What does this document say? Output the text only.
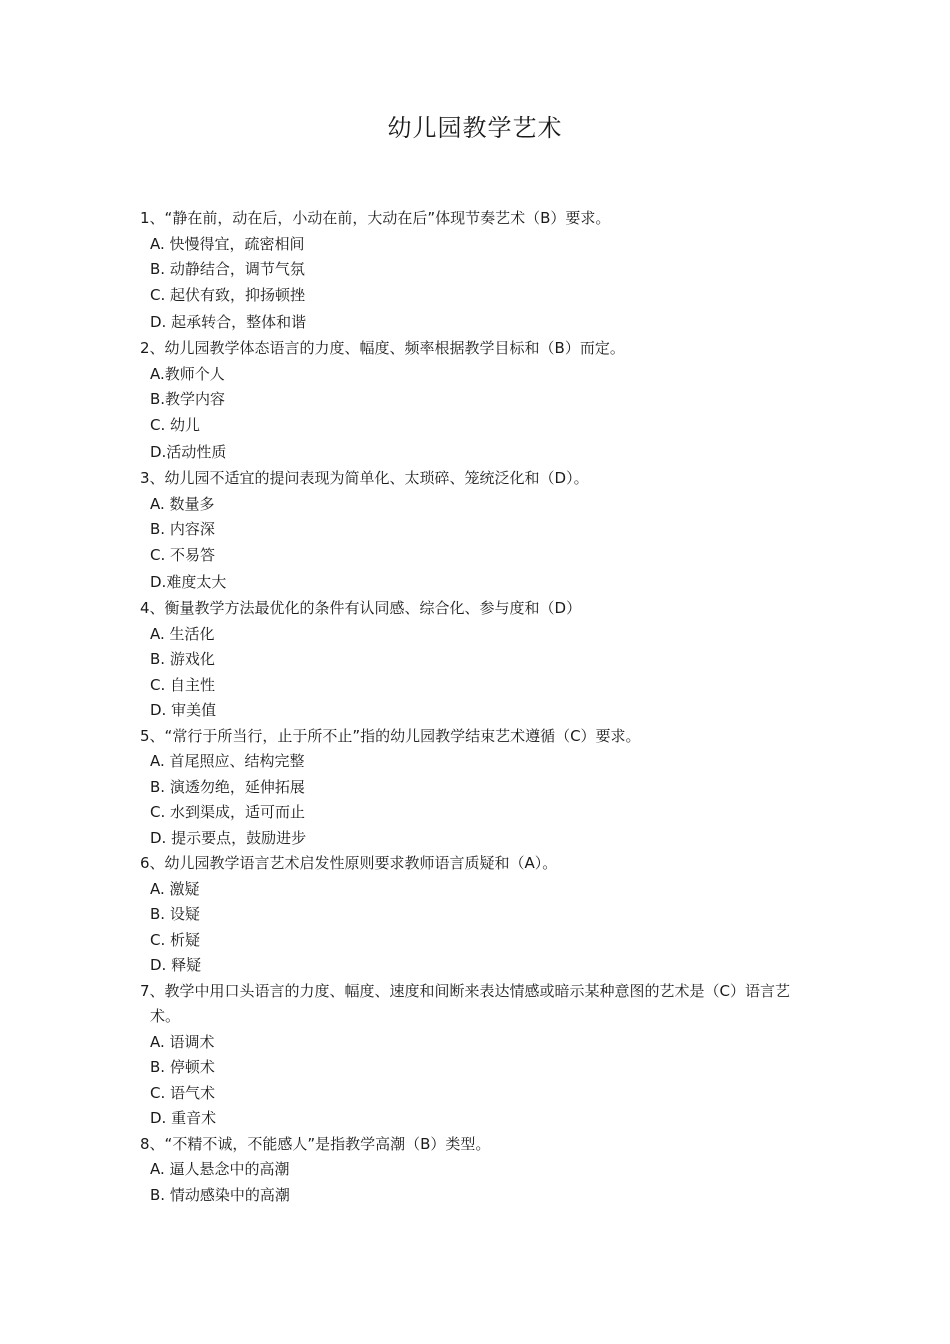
幼儿园教学艺术
1、“静在前，动在后，小动在前，大动在后”体现节奏艺术（B）要求。
A. 快慢得宜，疏密相间
B. 动静结合，调节气氛
C. 起伏有致，抑扬顿挫
D. 起承转合，整体和谐
2、幼儿园教学体态语言的力度、幅度、频率根据教学目标和（B）而定。
A.教师个人
B.教学内容
C. 幼儿
D.活动性质
3、幼儿园不适宜的提问表现为简单化、太琐碎、笼统泛化和（D）。
A. 数量多
B. 内容深
C. 不易答
D.难度太大
4、衡量教学方法最优化的条件有认同感、综合化、参与度和（D）
A. 生活化
B. 游戏化
C. 自主性
D. 审美值
5、“常行于所当行，止于所不止”指的幼儿园教学结束艺术遵循（C）要求。
A. 首尾照应、结构完整
B. 演透勿绝，延伸拓展
C. 水到渠成，适可而止
D. 提示要点，鼓励进步
6、幼儿园教学语言艺术启发性原则要求教师语言质疑和（A）。
A. 激疑
B. 设疑
C. 析疑
D. 释疑
7、教学中用口头语言的力度、幅度、速度和间断来表达情感或暗示某种意图的艺术是（C）语言艺术。
A. 语调术
B. 停顿术
C. 语气术
D. 重音术
8、“不精不诚，不能感人”是指教学高潮（B）类型。
A. 逼人悬念中的高潮
B. 情动感染中的高潮
